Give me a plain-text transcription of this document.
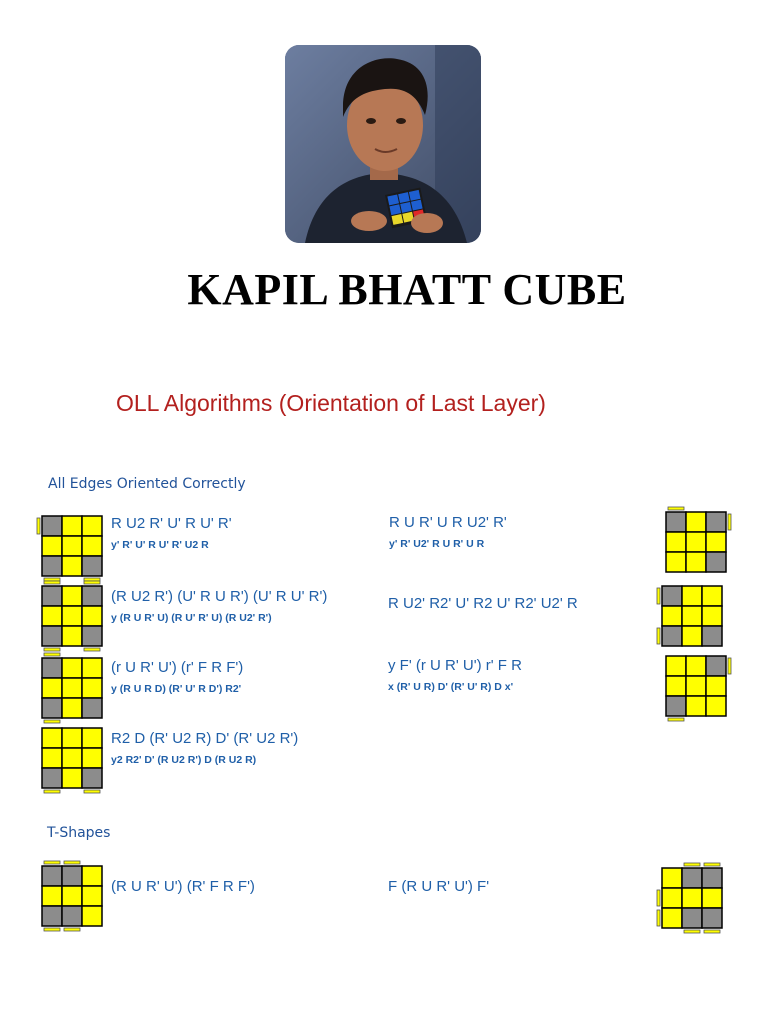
KAPIL BHATT CUBE
OLL Algorithms (Orientation of Last Layer)
All Edges Oriented Correctly
T-Shapes
R U2 R' U' R U' R'
y' R' U' R U' R' U2 R
R U R' U R U2' R'
y' R' U2' R U R' U R
(R U2 R') (U' R U R') (U' R U' R')
y (R U R' U) (R U' R' U) (R U2' R')
R U2' R2' U' R2 U' R2' U2' R
(r U R' U') (r' F R F')
y (R U R D) (R' U' R D') R2'
y F' (r U R' U') r' F R
x (R' U R) D' (R' U' R) D x'
R2 D (R' U2 R) D' (R' U2 R')
y2 R2' D' (R U2 R') D (R U2 R)
(R U R' U') (R' F R F')	F (R U R' U') F'
